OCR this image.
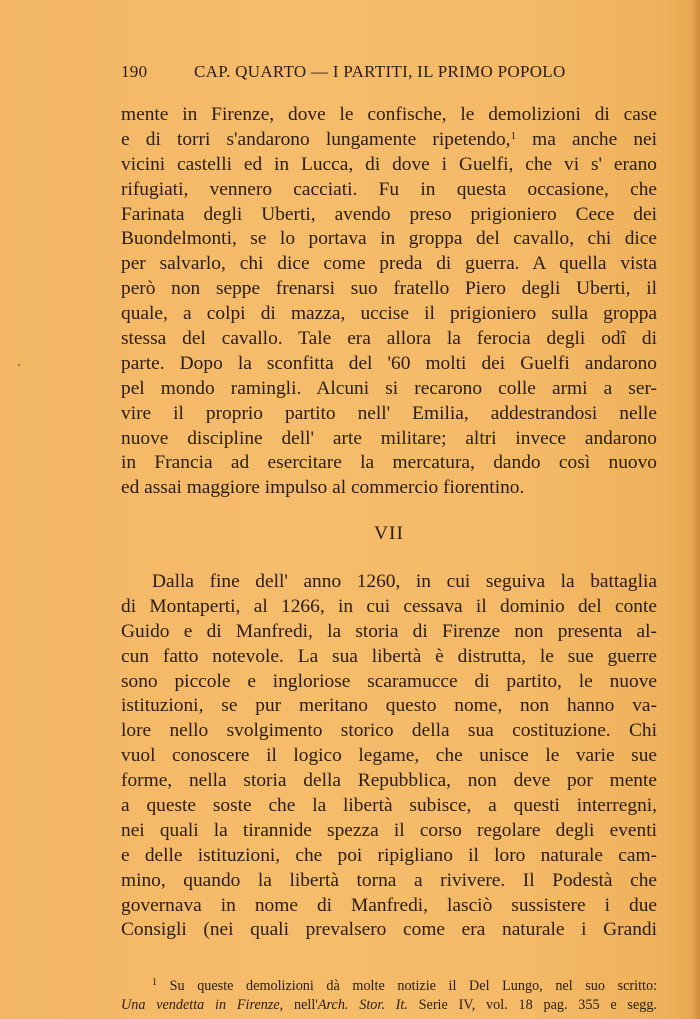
190	CAP. QUARTO — I PARTITI, IL PRIMO POPOLO
mente in Firenze, dove le confische, le demolizioni di case
e di torri s'andarono lungamente ripetendo,$^1$ ma anche nei
vicini castelli ed in Lucca, di dove i Guelfi, che vi s' erano
rifugiati, vennero cacciati. Fu in questa occasione, che
Farinata degli Uberti, avendo preso prigioniero Cece dei
Buondelmonti, se lo portava in groppa del cavallo, chi dice
per salvarlo, chi dice come preda di guerra. A quella vista
però non seppe frenarsi suo fratello Piero degli Uberti, il
quale, a colpi di mazza, uccise il prigioniero sulla groppa
stessa del cavallo. Tale era allora la ferocia degli odî di
parte. Dopo la sconfitta del '60 molti dei Guelfi andarono
pel mondo ramingli. Alcuni si recarono colle armi a ser-
vire il proprio partito nell' Emilia, addestrandosi nelle
nuove discipline dell' arte militare; altri invece andarono
in Francia ad esercitare la mercatura, dando così nuovo
ed assai maggiore impulso al commercio fiorentino.
VII
Dalla fine dell' anno 1260, in cui seguiva la battaglia
di Montaperti, al 1266, in cui cessava il dominio del conte
Guido e di Manfredi, la storia di Firenze non presenta al-
cun fatto notevole. La sua libertà è distrutta, le sue guerre
sono piccole e ingloriose scaramucce di partito, le nuove
istituzioni, se pur meritano questo nome, non hanno va-
lore nello svolgimento storico della sua costituzione. Chi
vuol conoscere il logico legame, che unisce le varie sue
forme, nella storia della Repubblica, non deve por mente
a queste soste che la libertà subisce, a questi interregni,
nei quali la tirannide spezza il corso regolare degli eventi
e delle istituzioni, che poi ripigliano il loro naturale cam-
mino, quando la libertà torna a rivivere. Il Podestà che
governava in nome di Manfredi, lasciò sussistere i due
Consigli (nei quali prevalsero come era naturale i Grandi
$^1$ Su queste demolizioni dà molte notizie il Del Lungo, nel suo scritto:
Una vendetta in Firenze, nell'Arch. Stor. It. Serie IV, vol. 18 pag. 355 e segg.
